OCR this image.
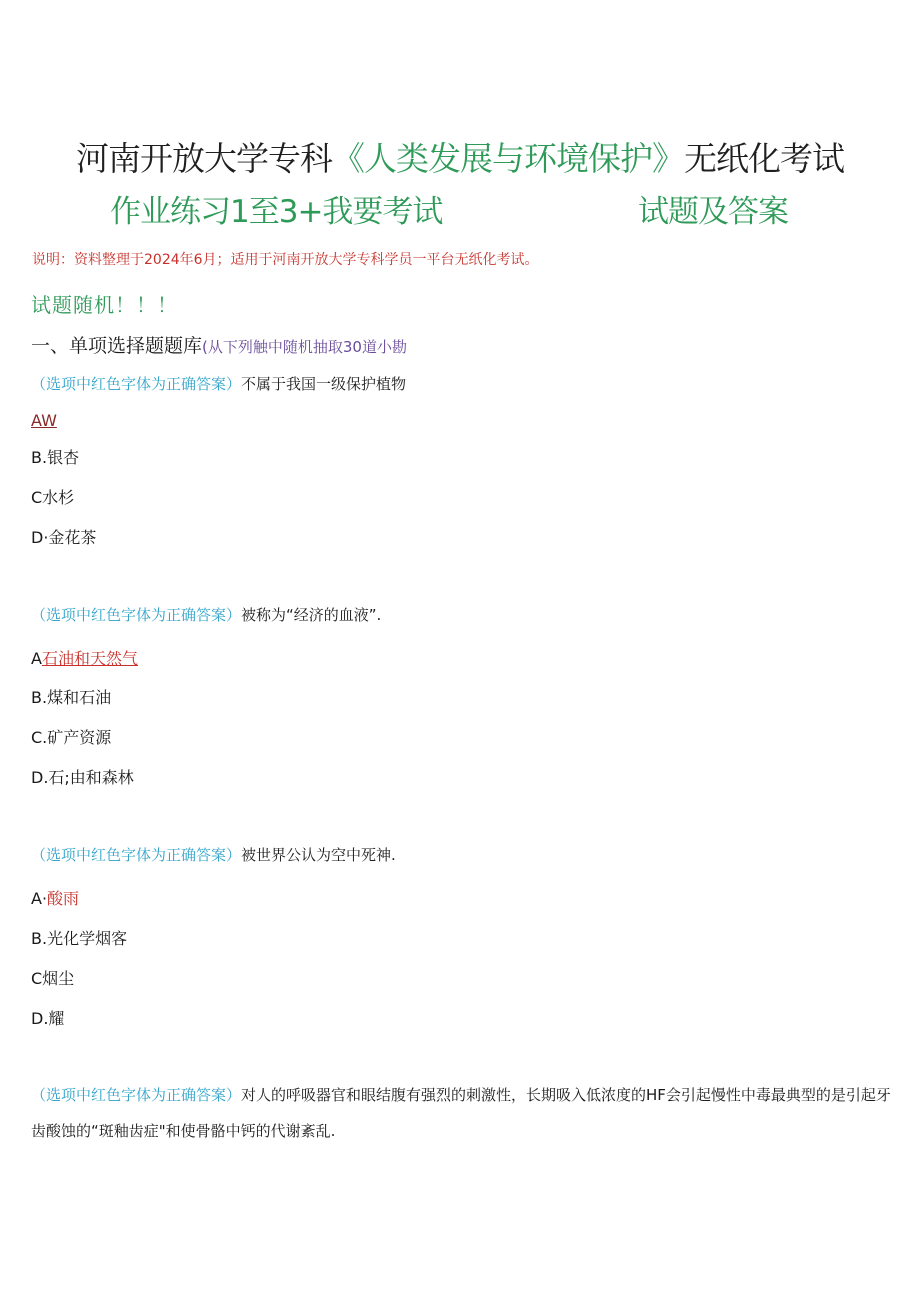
河南开放大学专科《人类发展与环境保护》无纸化考试
作业练习1至3+我要考试	试题及答案
说明：资料整理于2024年6月；适用于河南开放大学专科学员一平台无纸化考试。
试题随机！！！
一、单项选择题题库(从下列触中随机抽取30道小勘
（选项中红色字体为正确答案）不属于我国一级保护植物
AW
B.银杏
C水杉
D·金花茶
（选项中红色字体为正确答案）被称为“经济的血液”.
A石油和天然气
B.煤和石油
C.矿产资源
D.石;由和森林
（选项中红色字体为正确答案）被世界公认为空中死神.
A·酸雨
B.光化学烟客
C烟尘
D.耀
（选项中红色字体为正确答案）对人的呼吸器官和眼结腹有强烈的刺激性，长期吸入低浓度的HF会引起慢性中毒最典型的是引起牙齿酸蚀的“斑釉齿症"和使骨骼中钙的代谢紊乱.
